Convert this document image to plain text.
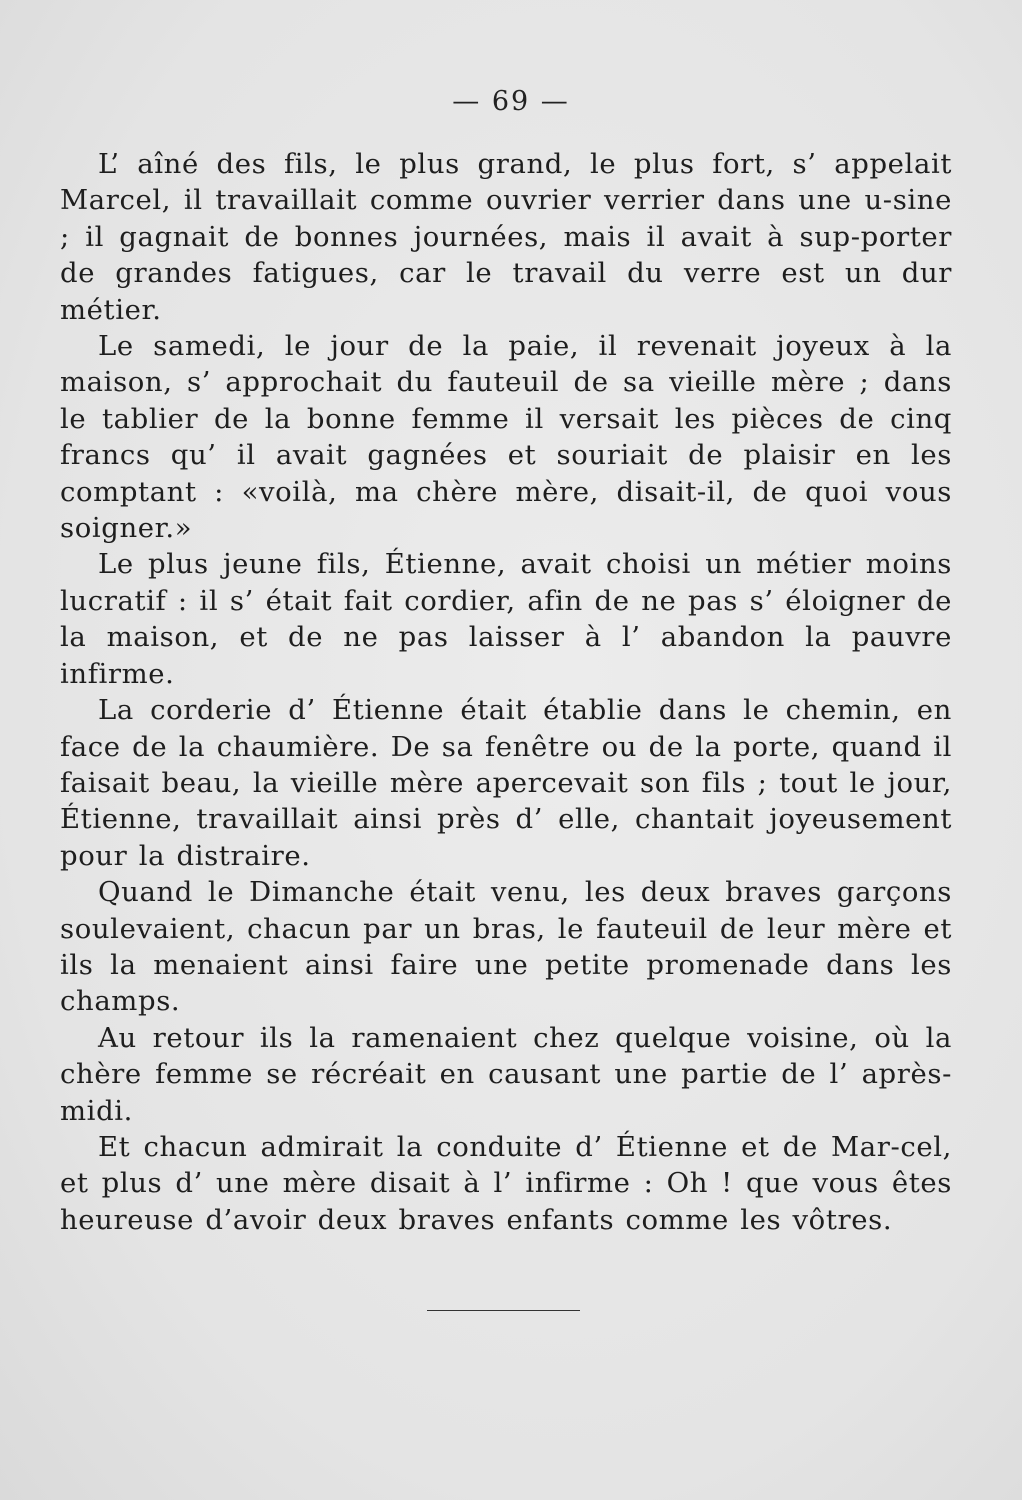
— 69 —

L’ aîné des fils, le plus grand, le plus fort, s’ appelait Marcel, il travaillait comme ouvrier verrier dans une u-sine ; il gagnait de bonnes journées, mais il avait à sup-porter de grandes fatigues, car le travail du verre est un dur métier.

Le samedi, le jour de la paie, il revenait joyeux à la maison, s’ approchait du fauteuil de sa vieille mère ; dans le tablier de la bonne femme il versait les pièces de cinq francs qu’ il avait gagnées et souriait de plaisir en les comptant : «voilà, ma chère mère, disait-il, de quoi vous soigner.»

Le plus jeune fils, Étienne, avait choisi un métier moins lucratif : il s’ était fait cordier, afin de ne pas s’ éloigner de la maison, et de ne pas laisser à l’ abandon la pauvre infirme.

La corderie d’ Étienne était établie dans le chemin, en face de la chaumière. De sa fenêtre ou de la porte, quand il faisait beau, la vieille mère apercevait son fils ; tout le jour, Étienne, travaillait ainsi près d’ elle, chantait joyeusement pour la distraire.

Quand le Dimanche était venu, les deux braves garçons soulevaient, chacun par un bras, le fauteuil de leur mère et ils la menaient ainsi faire une petite promenade dans les champs.

Au retour ils la ramenaient chez quelque voisine, où la chère femme se récréait en causant une partie de l’ après-midi.

Et chacun admirait la conduite d’ Étienne et de Mar-cel, et plus d’ une mère disait à l’ infirme : Oh ! que vous êtes heureuse d’avoir deux braves enfants comme les vôtres.
